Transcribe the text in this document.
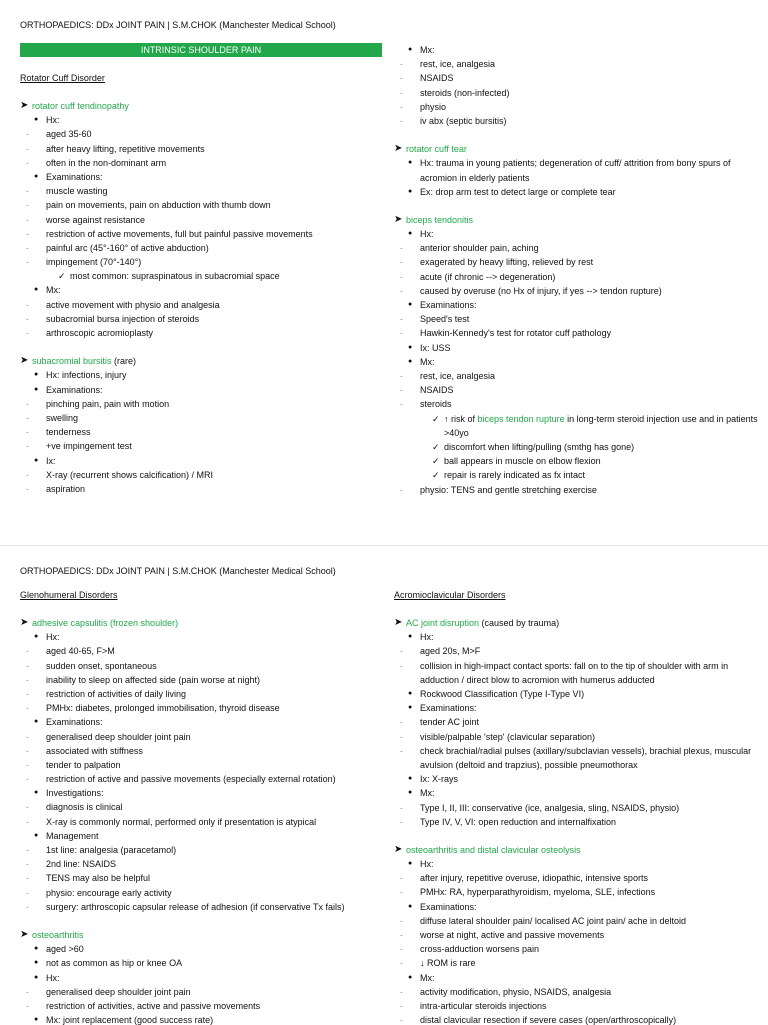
ORTHOPAEDICS: DDx JOINT PAIN | S.M.CHOK (Manchester Medical School)
INTRINSIC SHOULDER PAIN
Rotator Cuff Disorder
➤ rotator cuff tendinopathy
● Hx:
-	aged 35-60
-	after heavy lifting, repetitive movements
-	often in the non-dominant arm
● Examinations:
-	muscle wasting
-	pain on movements, pain on abduction with thumb down
-	worse against resistance
-	restriction of active movements, full but painful passive movements
-	painful arc (45°-160° of active abduction)
-	impingement (70°-140°)
✓ most common: supraspinatous in subacromial space
● Mx:
-	active movement with physio and analgesia
-	subacromial bursa injection of steroids
-	arthroscopic acromioplasty
➤ subacromial bursitis (rare)
● Hx: infections, injury
● Examinations:
-	pinching pain, pain with motion
-	swelling
-	tenderness
-	+ve impingement test
● Ix:
-	X-ray (recurrent shows calcification) / MRI
-	aspiration
● Mx:
-	rest, ice, analgesia
-	NSAIDS
-	steroids (non-infected)
-	physio
-	iv abx (septic bursitis)
➤ rotator cuff tear
● Hx: trauma in young patients; degeneration of cuff/ attrition from bony spurs of acromion in elderly patients
● Ex: drop arm test to detect large or complete tear
➤ biceps tendonitis
● Hx:
-	anterior shoulder pain, aching
-	exagerated by heavy lifting, relieved by rest
-	acute (if chronic --> degeneration)
-	caused by overuse (no Hx of injury, if yes --> tendon rupture)
● Examinations:
-	Speed's test
-	Hawkin-Kennedy's test for rotator cuff pathology
● Ix: USS
● Mx:
-	rest, ice, analgesia
-	NSAIDS
-	steroids
✓ ↑ risk of biceps tendon rupture in long-term steroid injection use and in patients >40yo
✓ discomfort when lifting/pulling (smthg has gone)
✓ ball appears in muscle on elbow flexion
✓ repair is rarely indicated as fx intact
-	physio: TENS and gentle stretching exercise
ORTHOPAEDICS: DDx JOINT PAIN | S.M.CHOK (Manchester Medical School)
Glenohumeral Disorders
➤ adhesive capsulitis (frozen shoulder)
● Hx:
-	aged 40-65, F>M
-	sudden onset, spontaneous
-	inability to sleep on affected side (pain worse at night)
-	restriction of activities of daily living
-	PMHx: diabetes, prolonged immobilisation, thyroid disease
● Examinations:
-	generalised deep shoulder joint pain
-	associated with stiffness
-	tender to palpation
-	restriction of active and passive movements (especially external rotation)
● Investigations:
-	diagnosis is clinical
-	X-ray is commonly normal, performed only if presentation is atypical
● Management
-	1st line: analgesia (paracetamol)
-	2nd line: NSAIDS
-	TENS may also be helpful
-	physio: encourage early activity
-	surgery: arthroscopic capsular release of adhesion (if conservative Tx fails)
➤ osteoarthritis
● aged >60
● not as common as hip or knee OA
● Hx:
-	generalised deep shoulder joint pain
-	restriction of activities, active and passive movements
● Mx: joint replacement (good success rate)
Acromioclavicular Disorders
➤ AC joint disruption (caused by trauma)
● Hx:
-	aged 20s, M>F
-	collision in high-impact contact sports: fall on to the tip of shoulder with arm in adduction / direct blow to acromion with humerus adducted
● Rockwood Classification (Type I-Type VI)
● Examinations:
-	tender AC joint
-	visible/palpable 'step' (clavicular separation)
-	check brachial/radial pulses (axillary/subclavian vessels), brachial plexus, muscular avulsion (deltoid and trapzius), possible pneumothorax
● Ix: X-rays
● Mx:
-	Type I, II, III: conservative (ice, analgesia, sling, NSAIDS, physio)
-	Type IV, V, VI: open reduction and internalfixation
➤ osteoarthritis and distal clavicular osteolysis
● Hx:
-	after injury, repetitive overuse, idiopathic, intensive sports
-	PMHx: RA, hyperparathyroidism, myeloma, SLE, infections
● Examinations:
-	diffuse lateral shoulder pain/ localised AC joint pain/ ache in deltoid
-	worse at night, active and passive movements
-	cross-adduction worsens pain
-	↓ ROM is rare
● Mx:
-	activity modification, physio, NSAIDS, analgesia
-	intra-articular steroids injections
-	distal clavicular resection if severe cases (open/arthroscopically)
